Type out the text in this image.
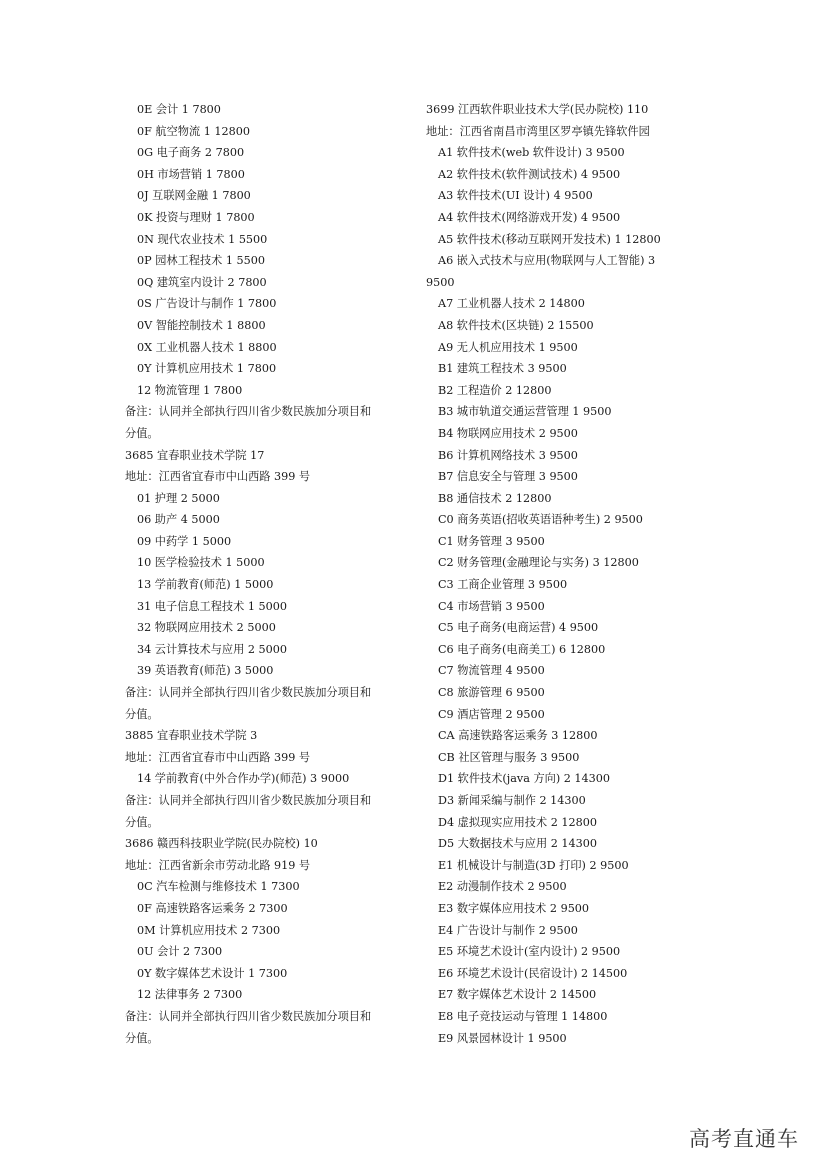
0E 会计 1 7800
0F 航空物流 1 12800
0G 电子商务 2 7800
0H 市场营销 1 7800
0J 互联网金融 1 7800
0K 投资与理财 1 7800
0N 现代农业技术 1 5500
0P 园林工程技术 1 5500
0Q 建筑室内设计 2 7800
0S 广告设计与制作 1 7800
0V 智能控制技术 1 8800
0X 工业机器人技术 1 8800
0Y 计算机应用技术 1 7800
12 物流管理 1 7800
备注：认同并全部执行四川省少数民族加分项目和
分值。
3685 宜春职业技术学院 17
地址：江西省宜春市中山西路 399 号
01 护理 2 5000
06 助产 4 5000
09 中药学 1 5000
10 医学检验技术 1 5000
13 学前教育(师范) 1 5000
31 电子信息工程技术 1 5000
32 物联网应用技术 2 5000
34 云计算技术与应用 2 5000
39 英语教育(师范) 3 5000
备注：认同并全部执行四川省少数民族加分项目和
分值。
3885 宜春职业技术学院 3
地址：江西省宜春市中山西路 399 号
14 学前教育(中外合作办学)(师范) 3 9000
备注：认同并全部执行四川省少数民族加分项目和
分值。
3686 赣西科技职业学院(民办院校) 10
地址：江西省新余市劳动北路 919 号
0C 汽车检测与维修技术 1 7300
0F 高速铁路客运乘务 2 7300
0M 计算机应用技术 2 7300
0U 会计 2 7300
0Y 数字媒体艺术设计 1 7300
12 法律事务 2 7300
备注：认同并全部执行四川省少数民族加分项目和
分值。
3699 江西软件职业技术大学(民办院校) 110
地址：江西省南昌市湾里区罗亭镇先锋软件园
A1 软件技术(web 软件设计) 3 9500
A2 软件技术(软件测试技术) 4 9500
A3 软件技术(UI 设计) 4 9500
A4 软件技术(网络游戏开发) 4 9500
A5 软件技术(移动互联网开发技术) 1 12800
A6 嵌入式技术与应用(物联网与人工智能) 3
9500
A7 工业机器人技术 2 14800
A8 软件技术(区块链) 2 15500
A9 无人机应用技术 1 9500
B1 建筑工程技术 3 9500
B2 工程造价 2 12800
B3 城市轨道交通运营管理 1 9500
B4 物联网应用技术 2 9500
B6 计算机网络技术 3 9500
B7 信息安全与管理 3 9500
B8 通信技术 2 12800
C0 商务英语(招收英语语种考生) 2 9500
C1 财务管理 3 9500
C2 财务管理(金融理论与实务) 3 12800
C3 工商企业管理 3 9500
C4 市场营销 3 9500
C5 电子商务(电商运营) 4 9500
C6 电子商务(电商美工) 6 12800
C7 物流管理 4 9500
C8 旅游管理 6 9500
C9 酒店管理 2 9500
CA 高速铁路客运乘务 3 12800
CB 社区管理与服务 3 9500
D1 软件技术(java 方向) 2 14300
D3 新闻采编与制作 2 14300
D4 虚拟现实应用技术 2 12800
D5 大数据技术与应用 2 14300
E1 机械设计与制造(3D 打印) 2 9500
E2 动漫制作技术 2 9500
E3 数字媒体应用技术 2 9500
E4 广告设计与制作 2 9500
E5 环境艺术设计(室内设计) 2 9500
E6 环境艺术设计(民宿设计) 2 14500
E7 数字媒体艺术设计 2 14500
E8 电子竞技运动与管理 1 14800
E9 风景园林设计 1 9500
高考直通车
